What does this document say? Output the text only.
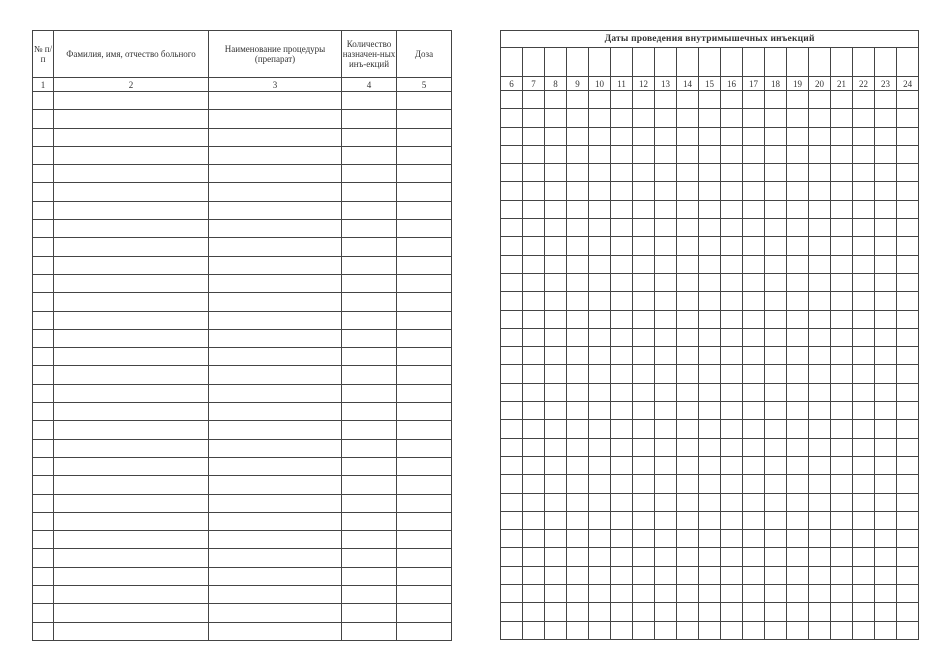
№ п/п	Фамилия, имя, отчество больного	Наименование процедуры (препарат)	Количество назначен-ных инъ-екций	Доза
1	2	3	4	5

Даты проведения внутримышечных инъекций																		

6	7	8	9	10	11	12	13	14	15	16	17	18	19	20	21	22	23	24
